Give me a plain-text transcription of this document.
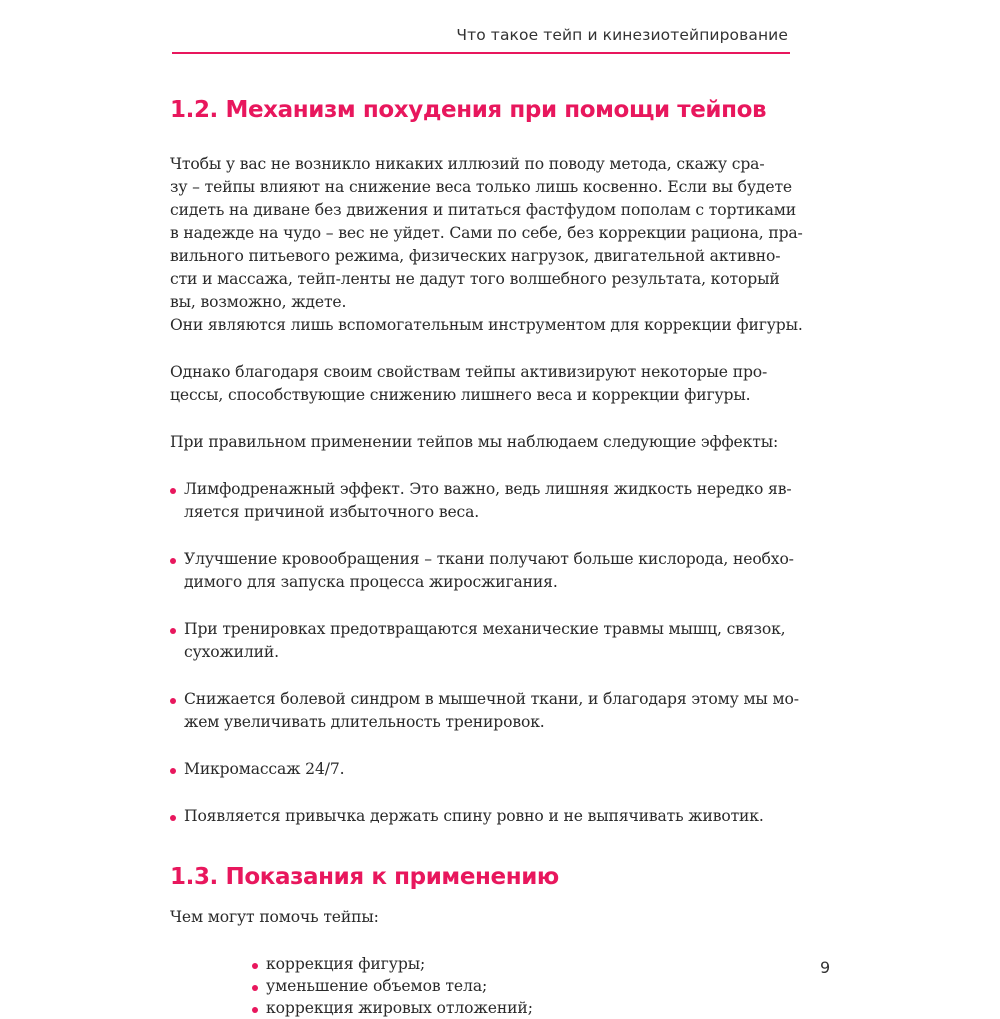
Что такое тейп и кинезиотейпирование
1.2. Механизм похудения при помощи тейпов
Чтобы у вас не возникло никаких иллюзий по поводу метода, скажу сра-
зу – тейпы влияют на снижение веса только лишь косвенно. Если вы будете
сидеть на диване без движения и питаться фастфудом пополам с тортиками
в надежде на чудо – вес не уйдет. Сами по себе, без коррекции рациона, пра-
вильного питьевого режима, физических нагрузок, двигательной активно-
сти и массажа, тейп-ленты не дадут того волшебного результата, который
вы, возможно, ждете.
Они являются лишь вспомогательным инструментом для коррекции фигуры.
Однако благодаря своим свойствам тейпы активизируют некоторые про-
цессы, способствующие снижению лишнего веса и коррекции фигуры.
При правильном применении тейпов мы наблюдаем следующие эффекты:
Лимфодренажный эффект. Это важно, ведь лишняя жидкость нередко яв-
ляется причиной избыточного веса.
Улучшение кровообращения – ткани получают больше кислорода, необхо-
димого для запуска процесса жиросжигания.
При тренировках предотвращаются механические травмы мышц, связок,
сухожилий.
Снижается болевой синдром в мышечной ткани, и благодаря этому мы мо-
жем увеличивать длительность тренировок.
Микромассаж 24/7.
Появляется привычка держать спину ровно и не выпячивать животик.
1.3. Показания к применению
Чем могут помочь тейпы:
коррекция фигуры;
уменьшение объемов тела;
коррекция жировых отложений;
9
